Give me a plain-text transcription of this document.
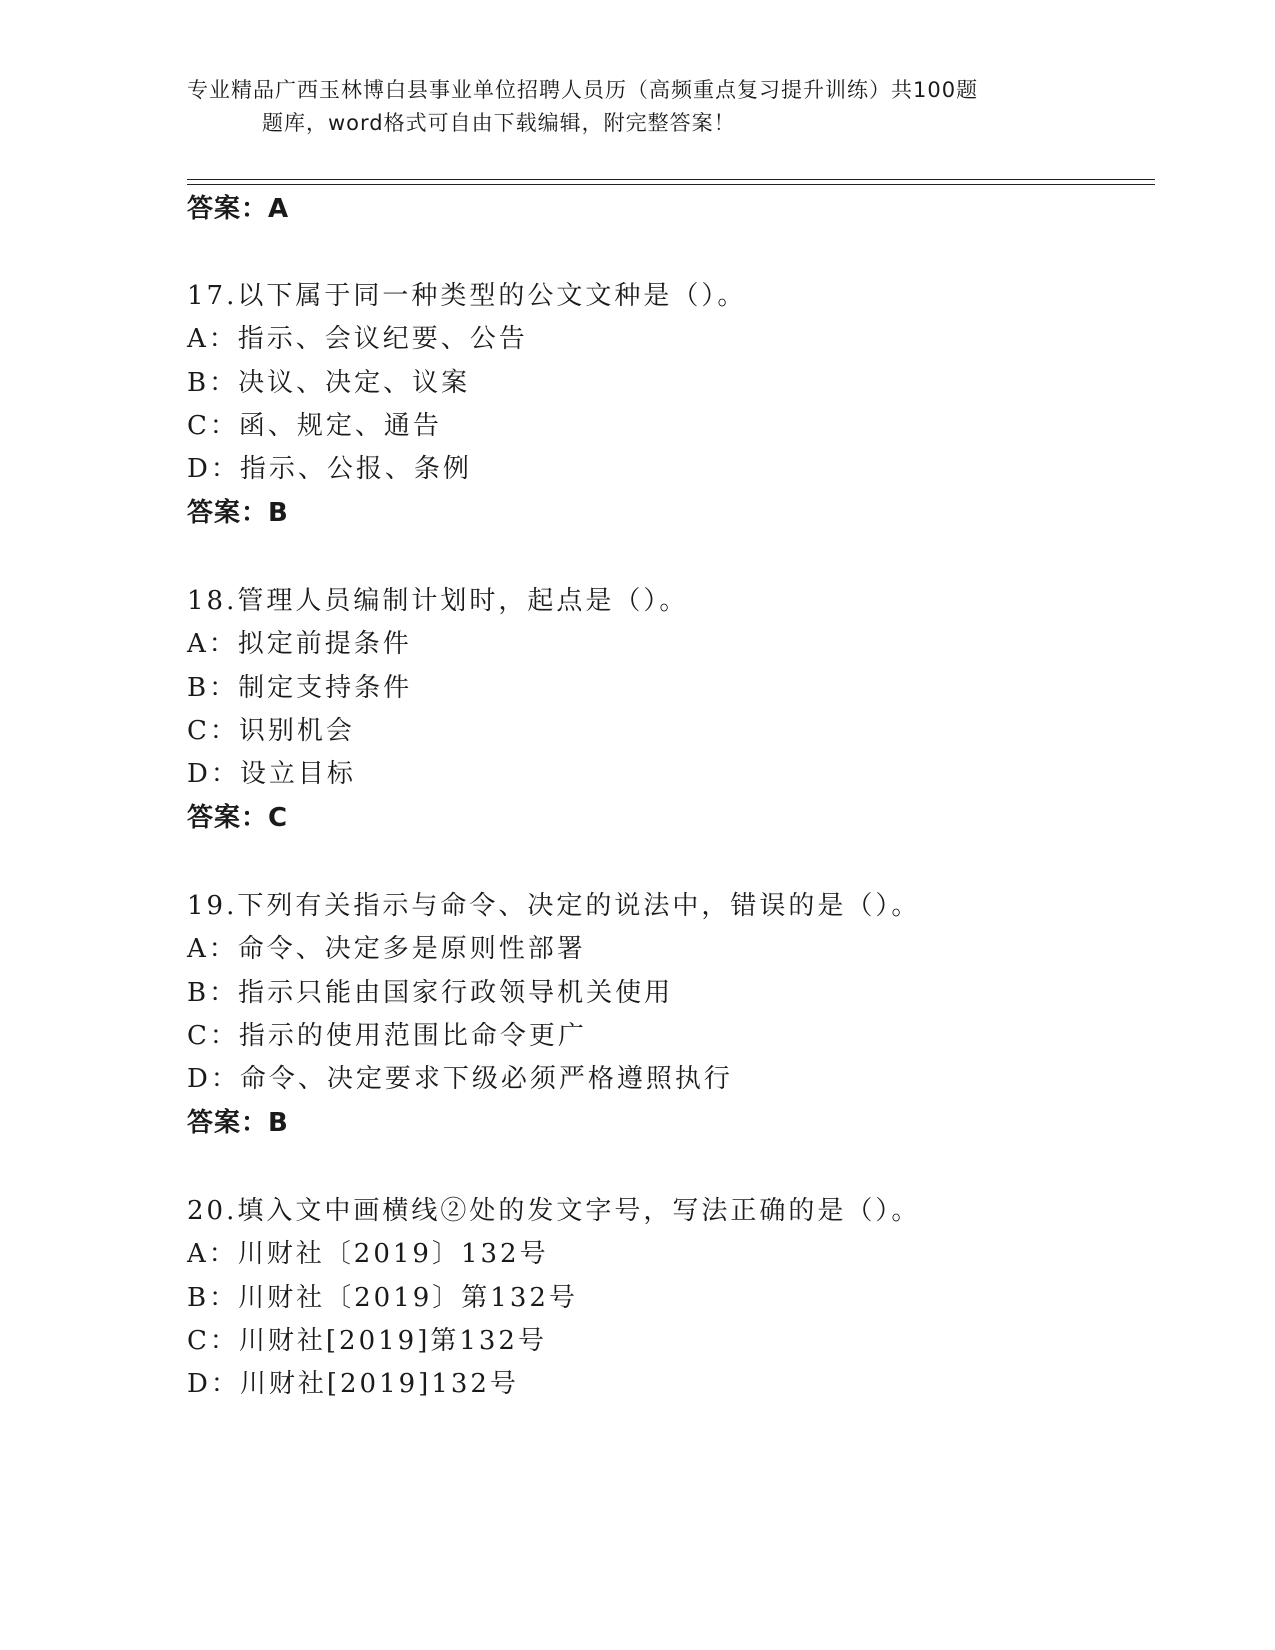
专业精品广西玉林博白县事业单位招聘人员历（高频重点复习提升训练）共100题
题库，word格式可自由下载编辑，附完整答案！
答案：A
17.以下属于同一种类型的公文文种是（）。
A：指示、会议纪要、公告
B：决议、决定、议案
C：函、规定、通告
D：指示、公报、条例
答案：B
18.管理人员编制计划时，起点是（）。
A：拟定前提条件
B：制定支持条件
C：识别机会
D：设立目标
答案：C
19.下列有关指示与命令、决定的说法中，错误的是（）。
A：命令、决定多是原则性部署
B：指示只能由国家行政领导机关使用
C：指示的使用范围比命令更广
D：命令、决定要求下级必须严格遵照执行
答案：B
20.填入文中画横线②处的发文字号，写法正确的是（）。
A：川财社〔2019〕132号
B：川财社〔2019〕第132号
C：川财社[2019]第132号
D：川财社[2019]132号
